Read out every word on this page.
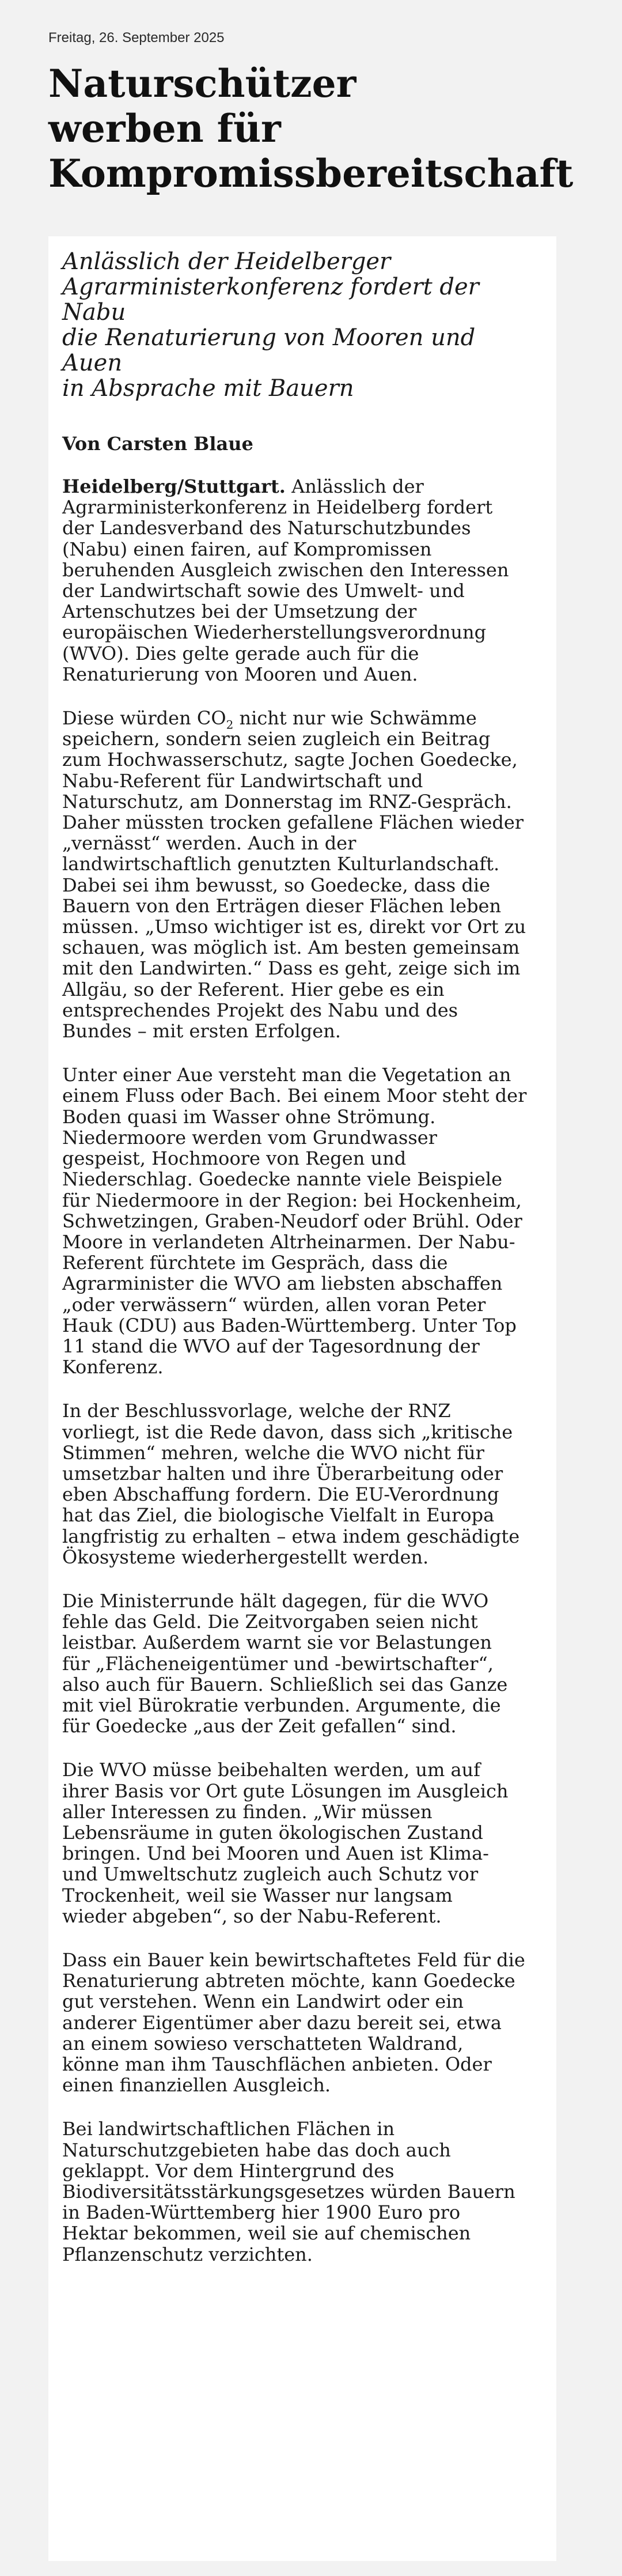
Freitag, 26. September 2025
Naturschützer
werben für
Kompromissbereitschaft

Anlässlich der Heidelberger
Agrarministerkonferenz fordert der Nabu
die Renaturierung von Mooren und Auen
in Absprache mit Bauern

Von Carsten Blaue

Heidelberg/Stuttgart. Anlässlich der
Agrarministerkonferenz in Heidelberg fordert
der Landesverband des Naturschutzbundes
(Nabu) einen fairen, auf Kompromissen
beruhenden Ausgleich zwischen den Interessen
der Landwirtschaft sowie des Umwelt- und
Artenschutzes bei der Umsetzung der
europäischen Wiederherstellungsverordnung
(WVO). Dies gelte gerade auch für die
Renaturierung von Mooren und Auen.

Diese würden $CO_2$ nicht nur wie Schwämme
speichern, sondern seien zugleich ein Beitrag
zum Hochwasserschutz, sagte Jochen Goedecke,
Nabu-Referent für Landwirtschaft und
Naturschutz, am Donnerstag im RNZ-Gespräch.
Daher müssten trocken gefallene Flächen wieder
„vernässt“ werden. Auch in der
landwirtschaftlich genutzten Kulturlandschaft.
Dabei sei ihm bewusst, so Goedecke, dass die
Bauern von den Erträgen dieser Flächen leben
müssen. „Umso wichtiger ist es, direkt vor Ort zu
schauen, was möglich ist. Am besten gemeinsam
mit den Landwirten.“ Dass es geht, zeige sich im
Allgäu, so der Referent. Hier gebe es ein
entsprechendes Projekt des Nabu und des
Bundes – mit ersten Erfolgen.

Unter einer Aue versteht man die Vegetation an
einem Fluss oder Bach. Bei einem Moor steht der
Boden quasi im Wasser ohne Strömung.
Niedermoore werden vom Grundwasser
gespeist, Hochmoore von Regen und
Niederschlag. Goedecke nannte viele Beispiele
für Niedermoore in der Region: bei Hockenheim,
Schwetzingen, Graben-Neudorf oder Brühl. Oder
Moore in verlandeten Altrheinarmen. Der Nabu-
Referent fürchtete im Gespräch, dass die
Agrarminister die WVO am liebsten abschaffen
„oder verwässern“ würden, allen voran Peter
Hauk (CDU) aus Baden-Württemberg. Unter Top
11 stand die WVO auf der Tagesordnung der
Konferenz.

In der Beschlussvorlage, welche der RNZ
vorliegt, ist die Rede davon, dass sich „kritische
Stimmen“ mehren, welche die WVO nicht für
umsetzbar halten und ihre Überarbeitung oder
eben Abschaffung fordern. Die EU-Verordnung
hat das Ziel, die biologische Vielfalt in Europa
langfristig zu erhalten – etwa indem geschädigte
Ökosysteme wiederhergestellt werden.

Die Ministerrunde hält dagegen, für die WVO
fehle das Geld. Die Zeitvorgaben seien nicht
leistbar. Außerdem warnt sie vor Belastungen
für „Flächeneigentümer und -bewirtschafter“,
also auch für Bauern. Schließlich sei das Ganze
mit viel Bürokratie verbunden. Argumente, die
für Goedecke „aus der Zeit gefallen“ sind.

Die WVO müsse beibehalten werden, um auf
ihrer Basis vor Ort gute Lösungen im Ausgleich
aller Interessen zu finden. „Wir müssen
Lebensräume in guten ökologischen Zustand
bringen. Und bei Mooren und Auen ist Klima-
und Umweltschutz zugleich auch Schutz vor
Trockenheit, weil sie Wasser nur langsam
wieder abgeben“, so der Nabu-Referent.

Dass ein Bauer kein bewirtschaftetes Feld für die
Renaturierung abtreten möchte, kann Goedecke
gut verstehen. Wenn ein Landwirt oder ein
anderer Eigentümer aber dazu bereit sei, etwa
an einem sowieso verschatteten Waldrand,
könne man ihm Tauschflächen anbieten. Oder
einen finanziellen Ausgleich.

Bei landwirtschaftlichen Flächen in
Naturschutzgebieten habe das doch auch
geklappt. Vor dem Hintergrund des
Biodiversitätsstärkungsgesetzes würden Bauern
in Baden-Württemberg hier 1900 Euro pro
Hektar bekommen, weil sie auf chemischen
Pflanzenschutz verzichten.
